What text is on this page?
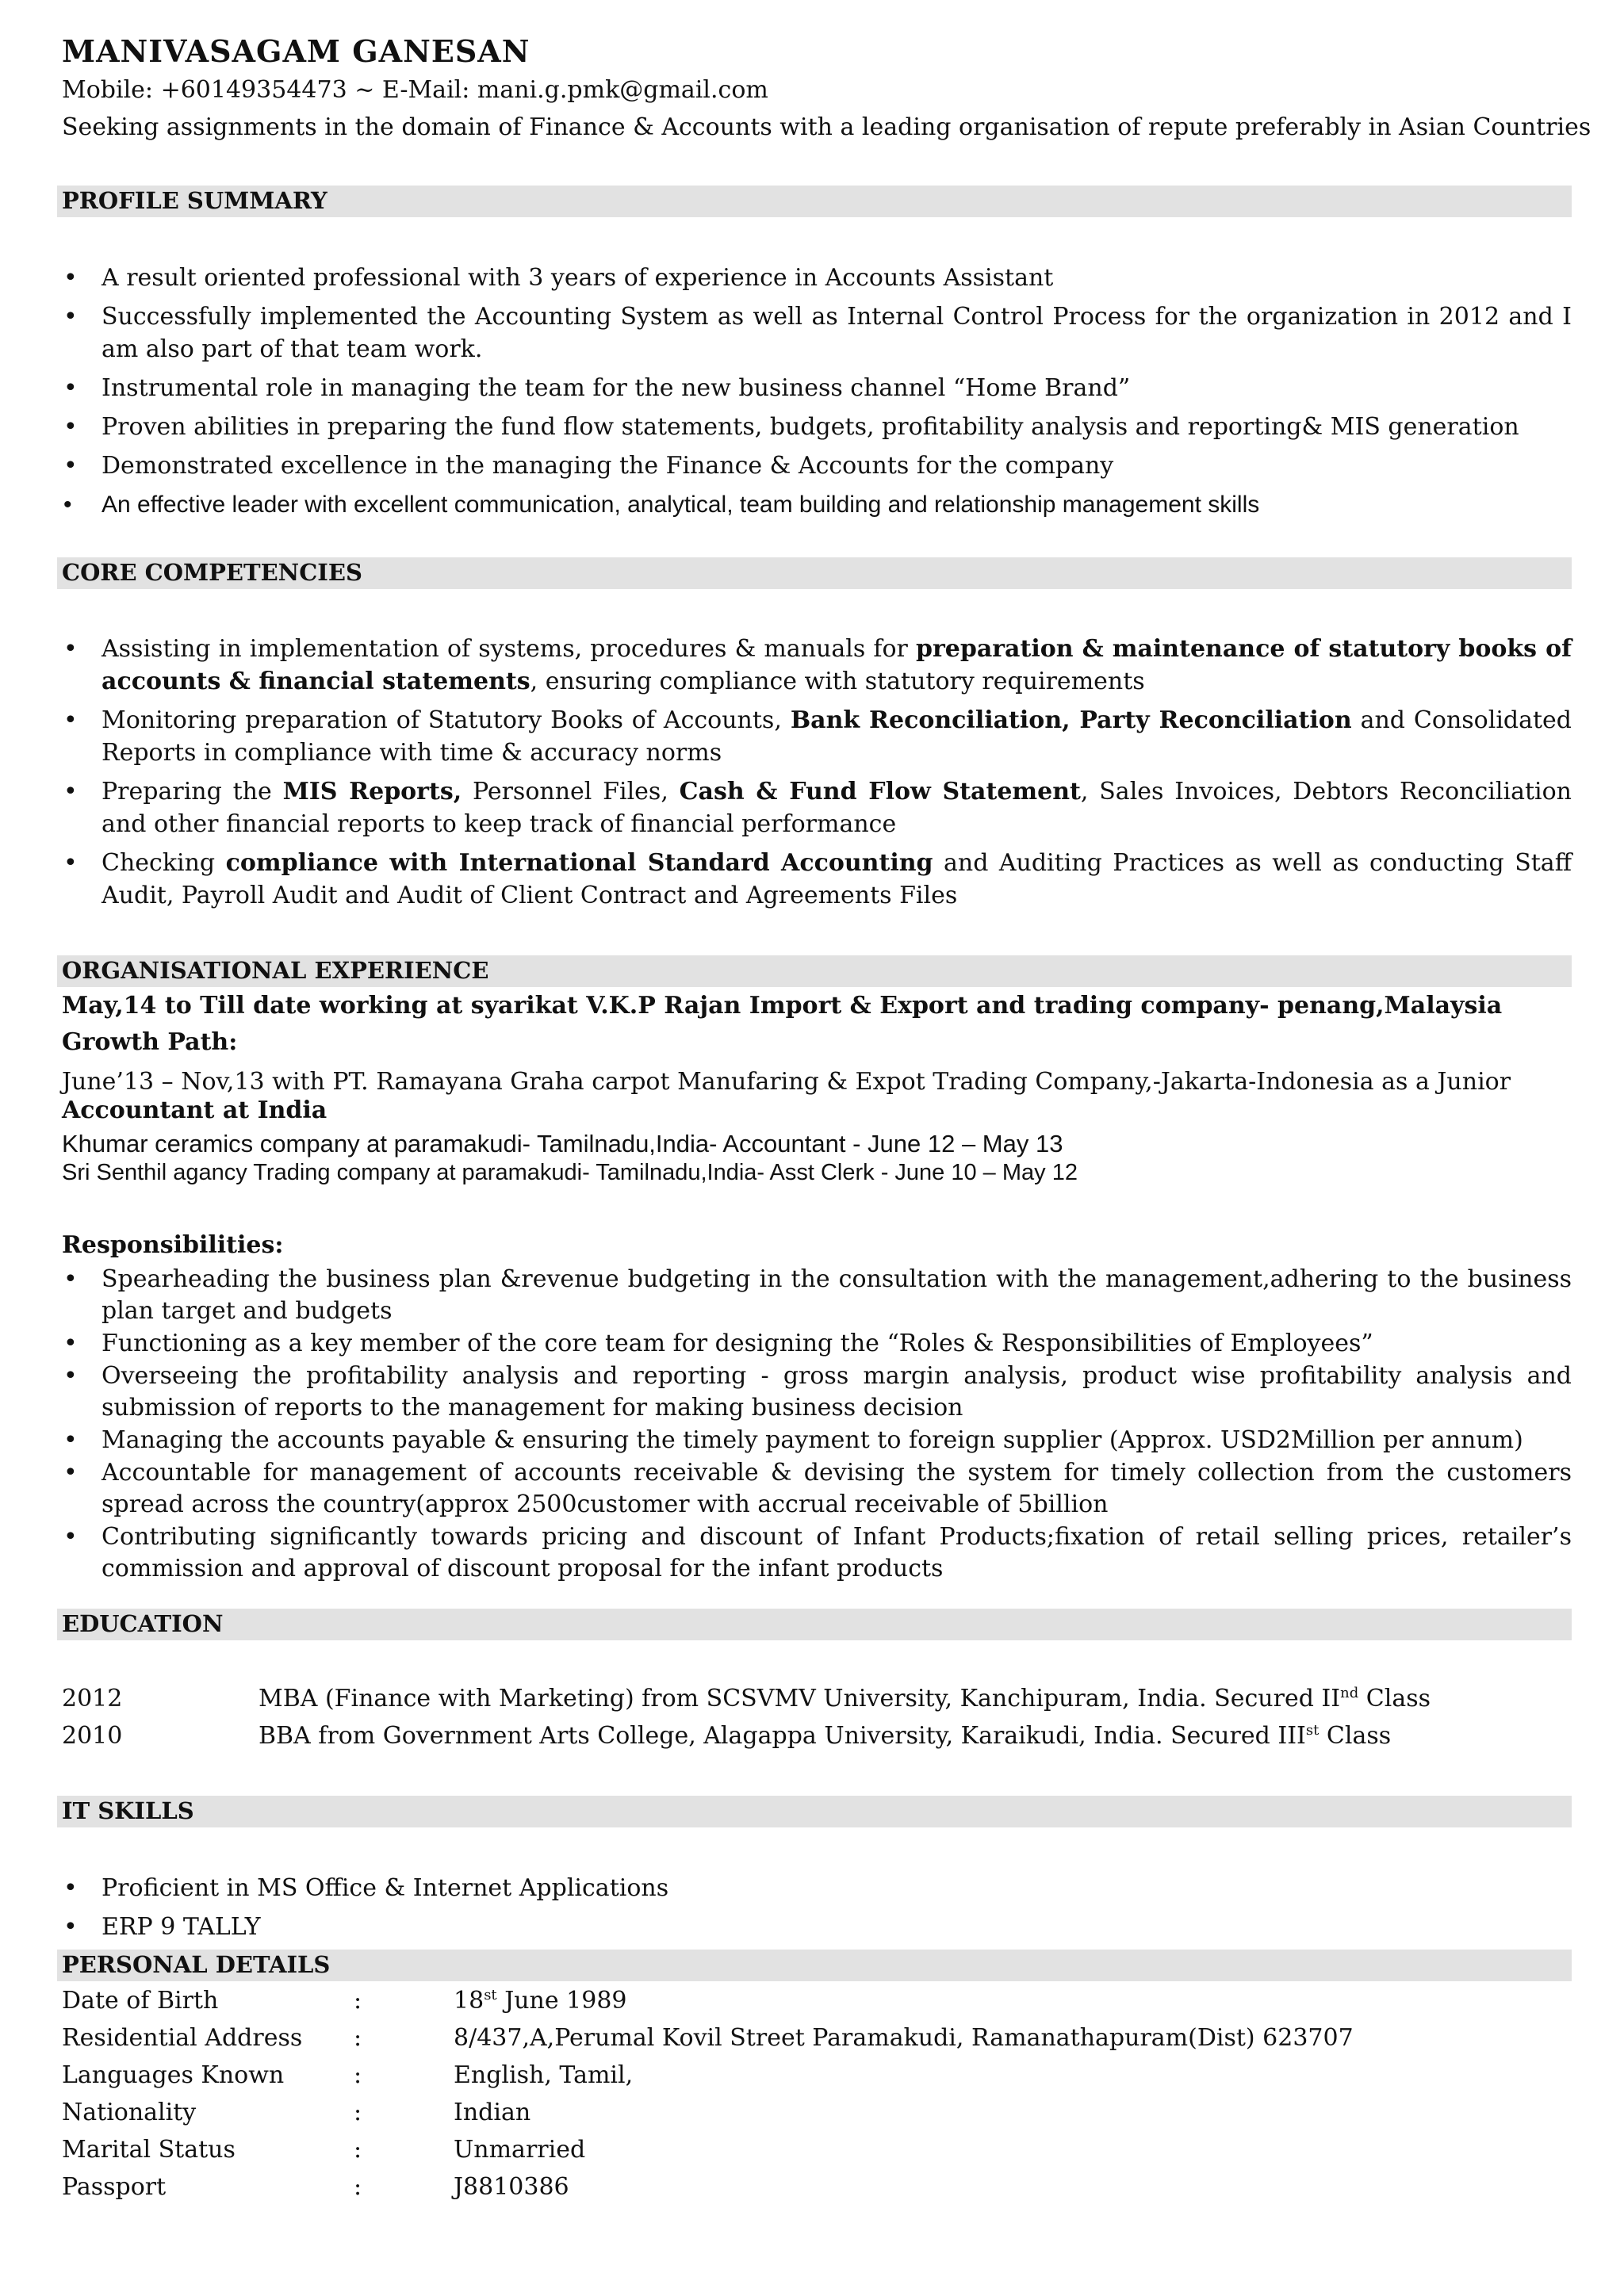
MANIVASAGAM GANESAN
Mobile: +60149354473 ~ E-Mail: mani.g.pmk@gmail.com
Seeking assignments in the domain of Finance & Accounts with a leading organisation of repute preferably in Asian Countries
PROFILE SUMMARY
• A result oriented professional with 3 years of experience in Accounts Assistant
• Successfully implemented the Accounting System as well as Internal Control Process for the organization in 2012 and I am also part of that team work.
• Instrumental role in managing the team for the new business channel “Home Brand”
• Proven abilities in preparing the fund flow statements, budgets, profitability analysis and reporting& MIS generation
• Demonstrated excellence in the managing the Finance & Accounts for the company
• An effective leader with excellent communication, analytical, team building and relationship management skills
CORE COMPETENCIES
• Assisting in implementation of systems, procedures & manuals for preparation & maintenance of statutory books of accounts & financial statements, ensuring compliance with statutory requirements
• Monitoring preparation of Statutory Books of Accounts, Bank Reconciliation, Party Reconciliation and Consolidated Reports in compliance with time & accuracy norms
• Preparing the MIS Reports, Personnel Files, Cash & Fund Flow Statement, Sales Invoices, Debtors Reconciliation and other financial reports to keep track of financial performance
• Checking compliance with International Standard Accounting and Auditing Practices as well as conducting Staff Audit, Payroll Audit and Audit of Client Contract and Agreements Files
ORGANISATIONAL EXPERIENCE
May,14 to Till date working at syarikat V.K.P Rajan Import & Export and trading company- penang,Malaysia
Growth Path:
June’13 – Nov,13 with PT. Ramayana Graha carpot Manufaring & Expot Trading Company,-Jakarta-Indonesia as a Junior
Accountant at India
Khumar ceramics company at paramakudi- Tamilnadu,India- Accountant - June 12 – May 13
Sri Senthil agancy Trading company at paramakudi- Tamilnadu,India- Asst Clerk - June 10 – May 12
Responsibilities:
• Spearheading the business plan &revenue budgeting in the consultation with the management,adhering to the business plan target and budgets
• Functioning as a key member of the core team for designing the “Roles & Responsibilities of Employees”
• Overseeing the profitability analysis and reporting - gross margin analysis, product wise profitability analysis and submission of reports to the management for making business decision
• Managing the accounts payable & ensuring the timely payment to foreign supplier (Approx. USD2Million per annum)
• Accountable for management of accounts receivable & devising the system for timely collection from the customers spread across the country(approx 2500customer with accrual receivable of 5billion
• Contributing significantly towards pricing and discount of Infant Products;fixation of retail selling prices, retailer’s commission and approval of discount proposal for the infant products
EDUCATION
2012	MBA (Finance with Marketing) from SCSVMV University, Kanchipuram, India. Secured IInd Class
2010	BBA from Government Arts College, Alagappa University, Karaikudi, India. Secured IIIst Class
IT SKILLS
• Proficient in MS Office & Internet Applications
• ERP 9 TALLY
PERSONAL DETAILS
Date of Birth	:	18st June 1989
Residential Address :	8/437,A,Perumal Kovil Street Paramakudi, Ramanathapuram(Dist) 623707
Languages Known	:	English, Tamil,
Nationality	:	Indian
Marital Status	:	Unmarried
Passport	:	J8810386
